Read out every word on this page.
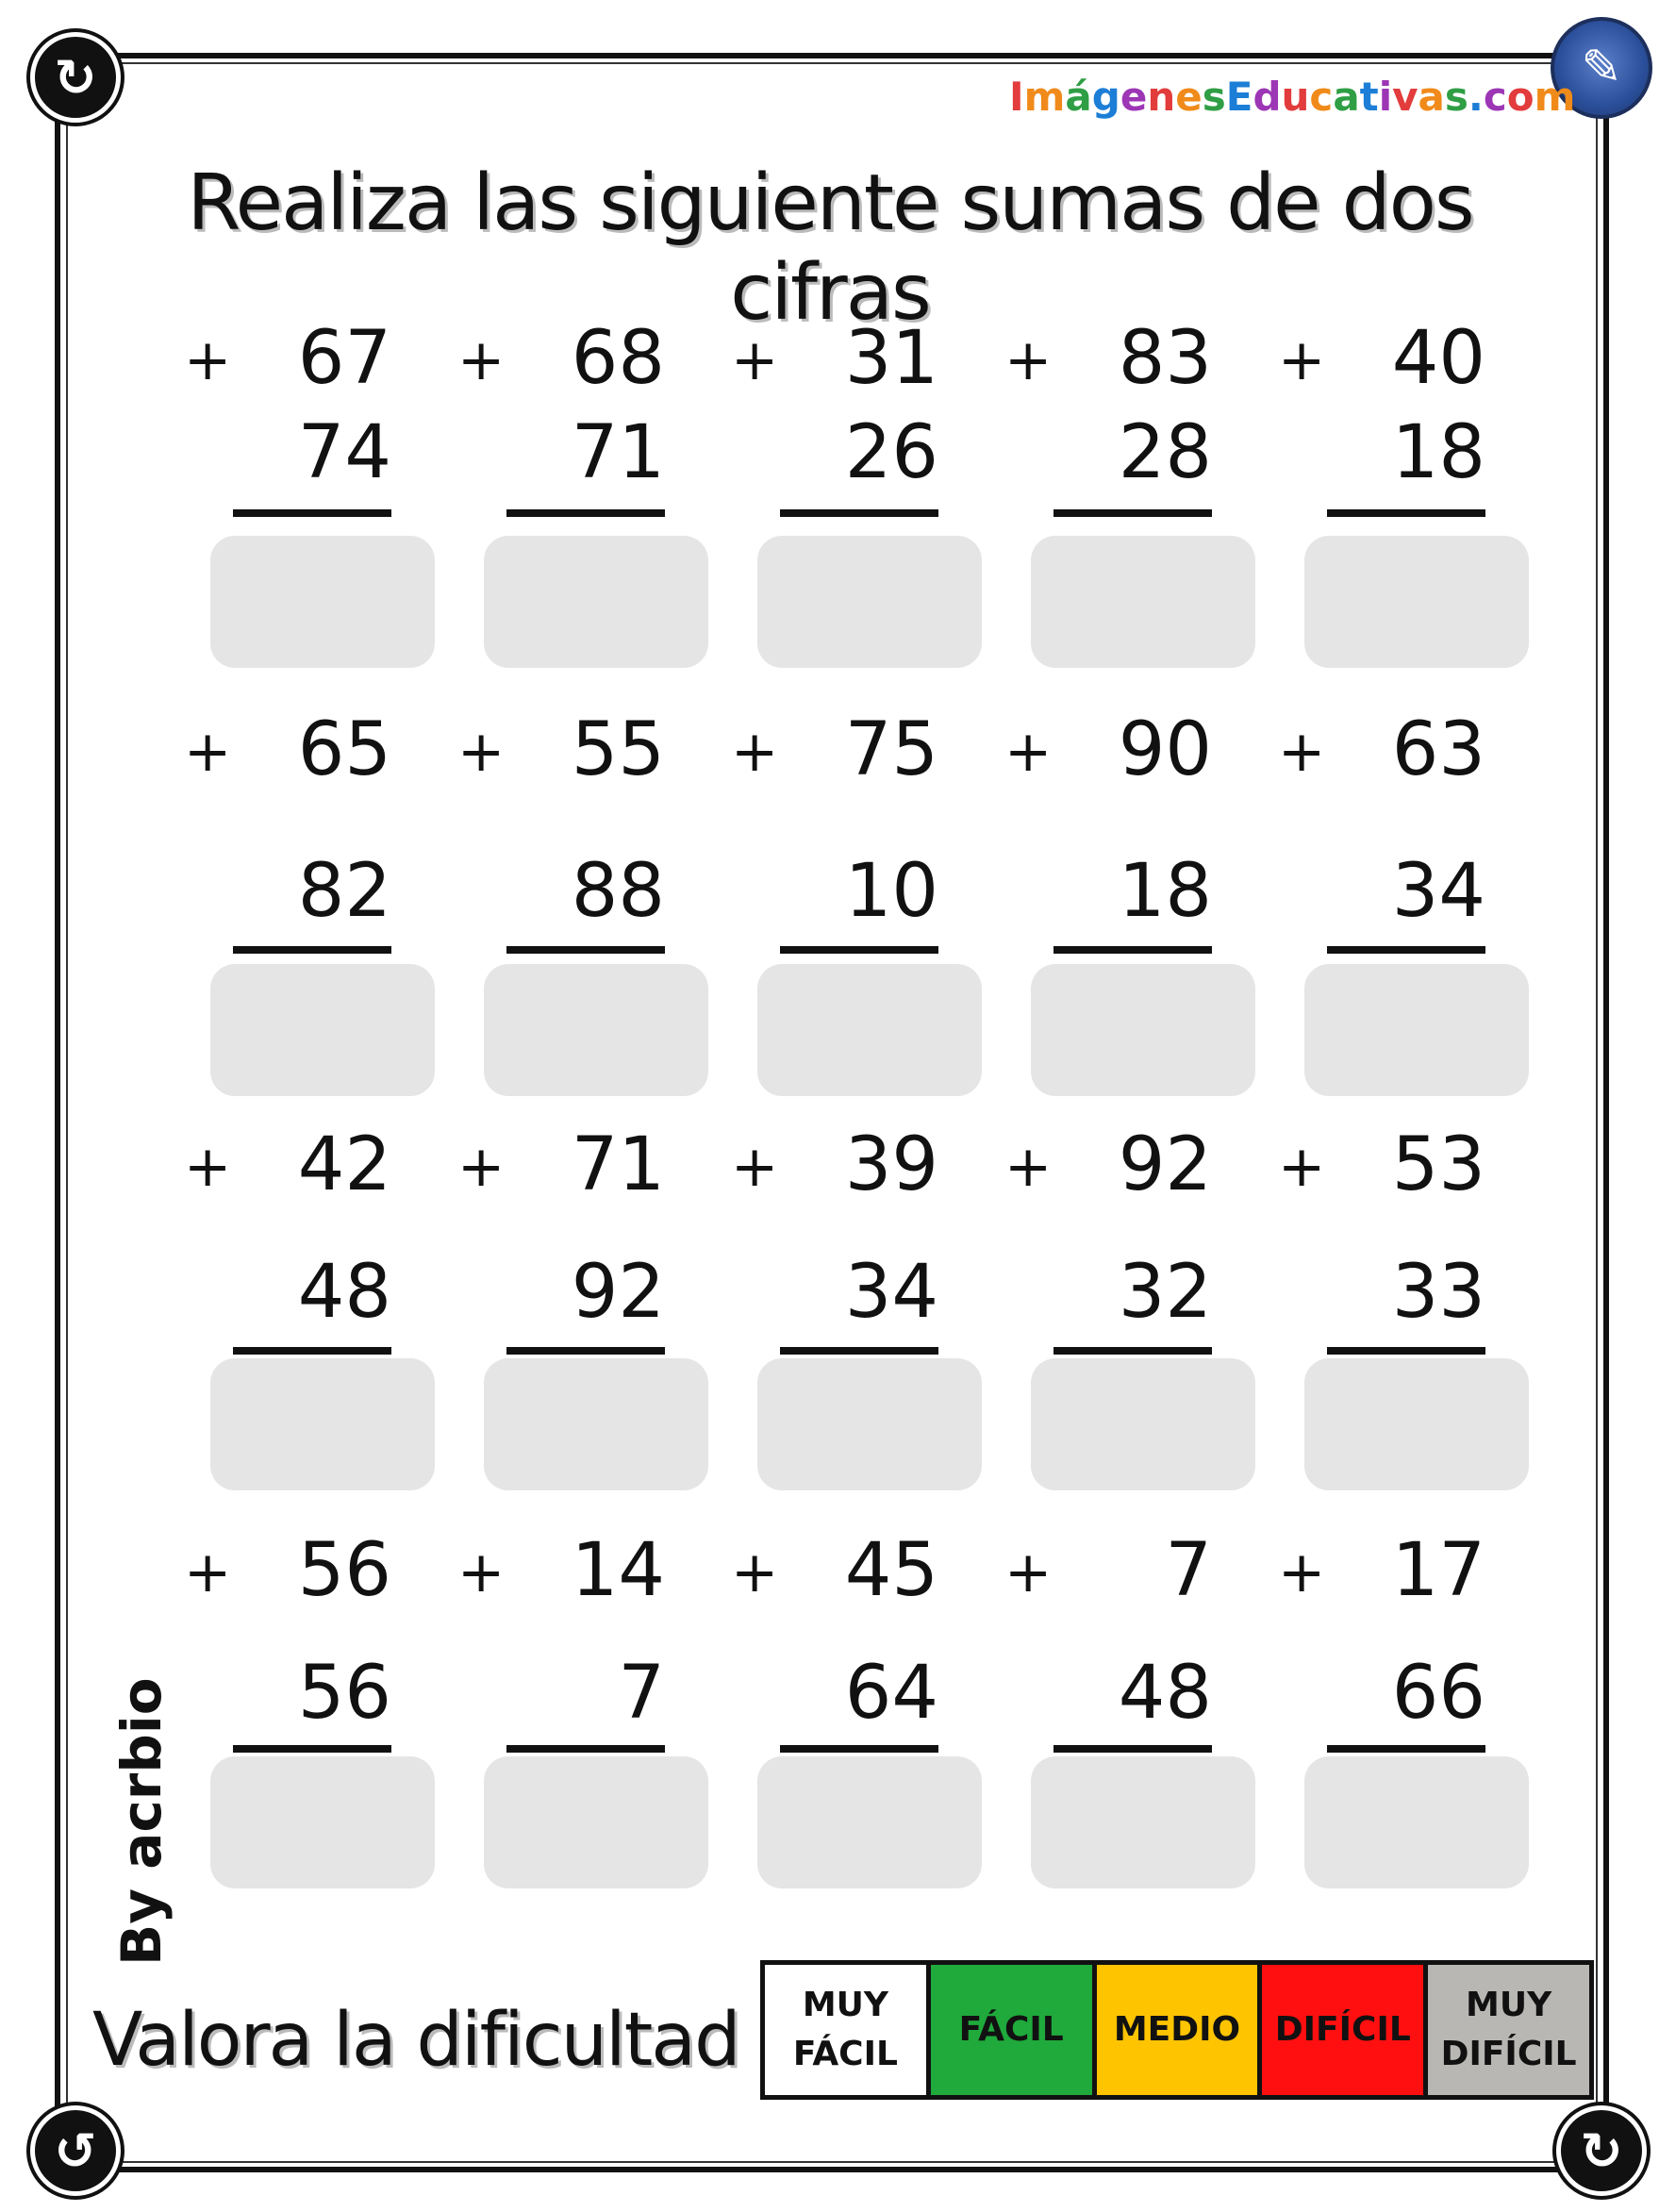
↻
↺	↻
✎
ImágenesEducativas.com
Realiza las siguiente sumas de dos cifras
+ 67
74
+ 68
71
+ 31
26
+ 83
28
+ 40
18
+ 65
82
+ 55
88
+ 75
10
+ 90
18
+ 63
34
+ 42
48
+ 71
92
+ 39
34
+ 92
32
+ 53
33
+ 56
56
+ 14
7
+ 45
64
+	7
48
+ 17
66
By acrbio
Valora la dificultad MUY
FÁCIL
FÁCIL MEDIO DIFÍCIL
MUY
DIFÍCIL
